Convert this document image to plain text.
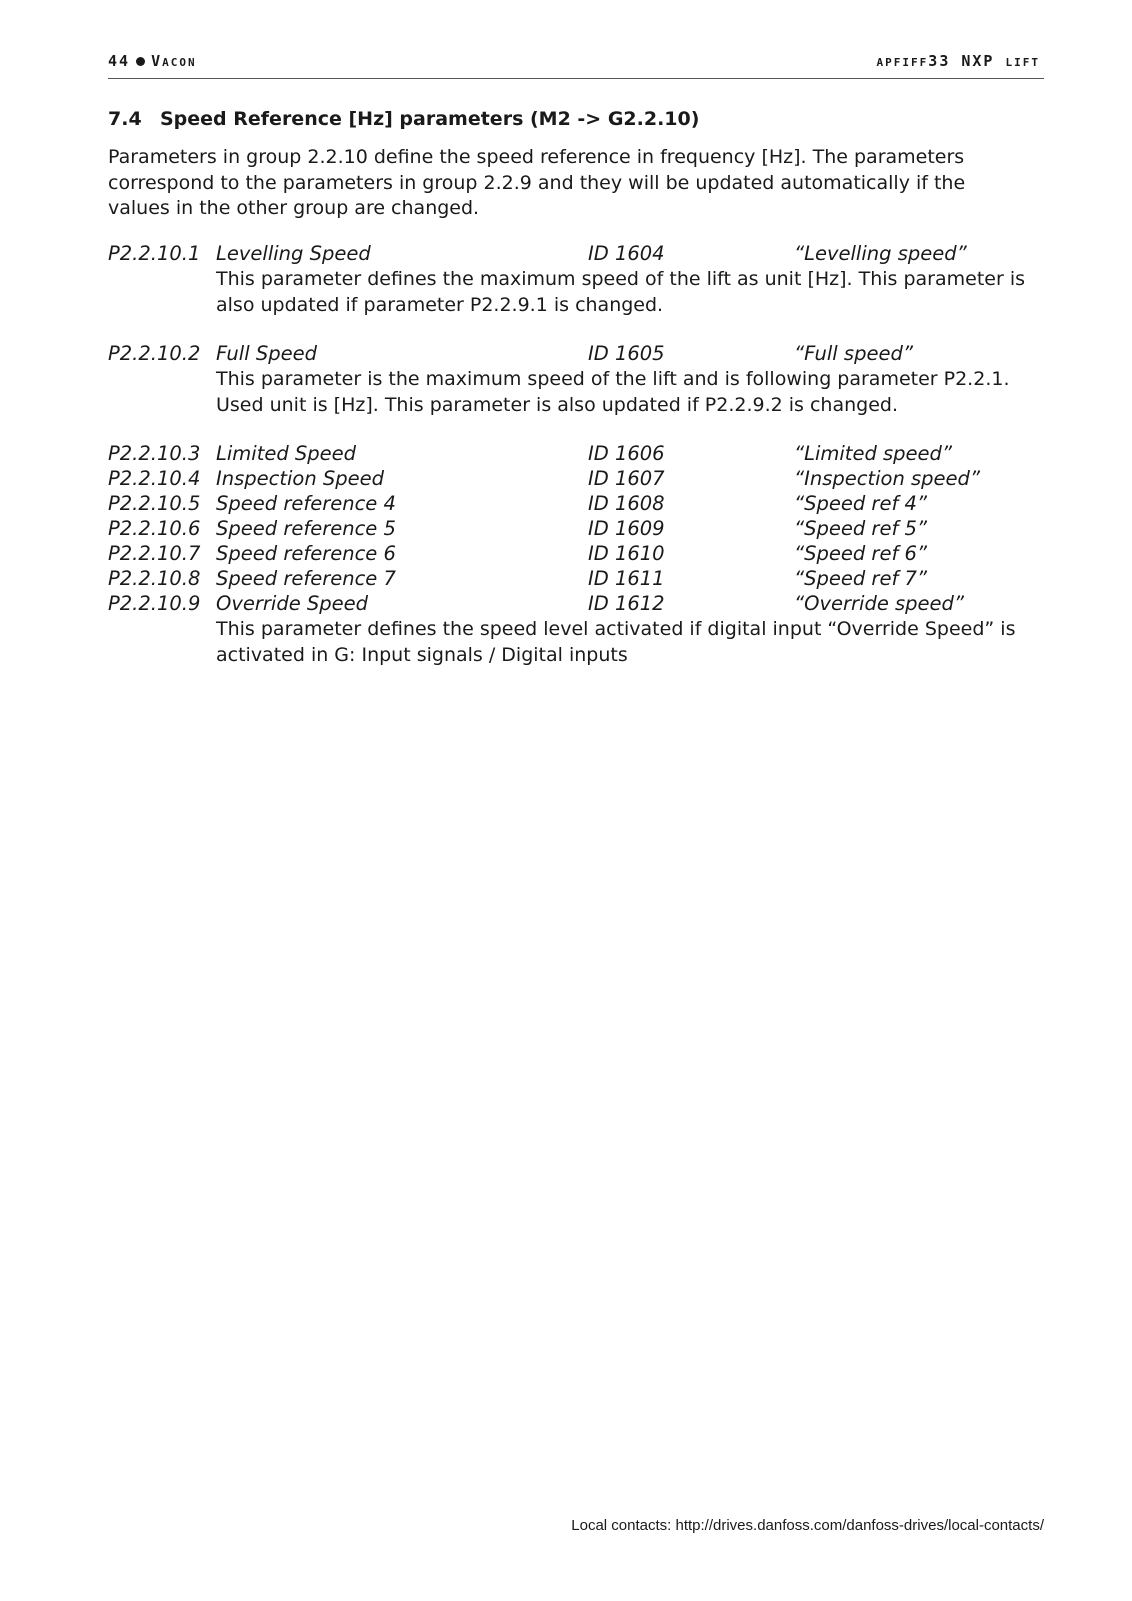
44 Vacon	apfiff33 NXP lift
7.4 Speed Reference [Hz] parameters (M2 -> G2.2.10)
Parameters in group 2.2.10 define the speed reference in frequency [Hz]. The parameters correspond to the parameters in group 2.2.9 and they will be updated automatically if the values in the other group are changed.
P2.2.10.1 Levelling Speed	ID 1604	“Levelling speed”
This parameter defines the maximum speed of the lift as unit [Hz]. This parameter is also updated if parameter P2.2.9.1 is changed.
P2.2.10.2 Full Speed	ID 1605	“Full speed”
This parameter is the maximum speed of the lift and is following parameter P2.2.1. Used unit is [Hz]. This parameter is also updated if P2.2.9.2 is changed.
P2.2.10.3 Limited Speed	ID 1606	“Limited speed”
P2.2.10.4 Inspection Speed	ID 1607	“Inspection speed”
P2.2.10.5 Speed reference 4	ID 1608	“Speed ref 4”
P2.2.10.6 Speed reference 5	ID 1609	“Speed ref 5”
P2.2.10.7 Speed reference 6	ID 1610	“Speed ref 6”
P2.2.10.8 Speed reference 7	ID 1611	“Speed ref 7”
P2.2.10.9 Override Speed	ID 1612	“Override speed”
This parameter defines the speed level activated if digital input “Override Speed” is activated in G: Input signals / Digital inputs
Local contacts: http://drives.danfoss.com/danfoss-drives/local-contacts/
